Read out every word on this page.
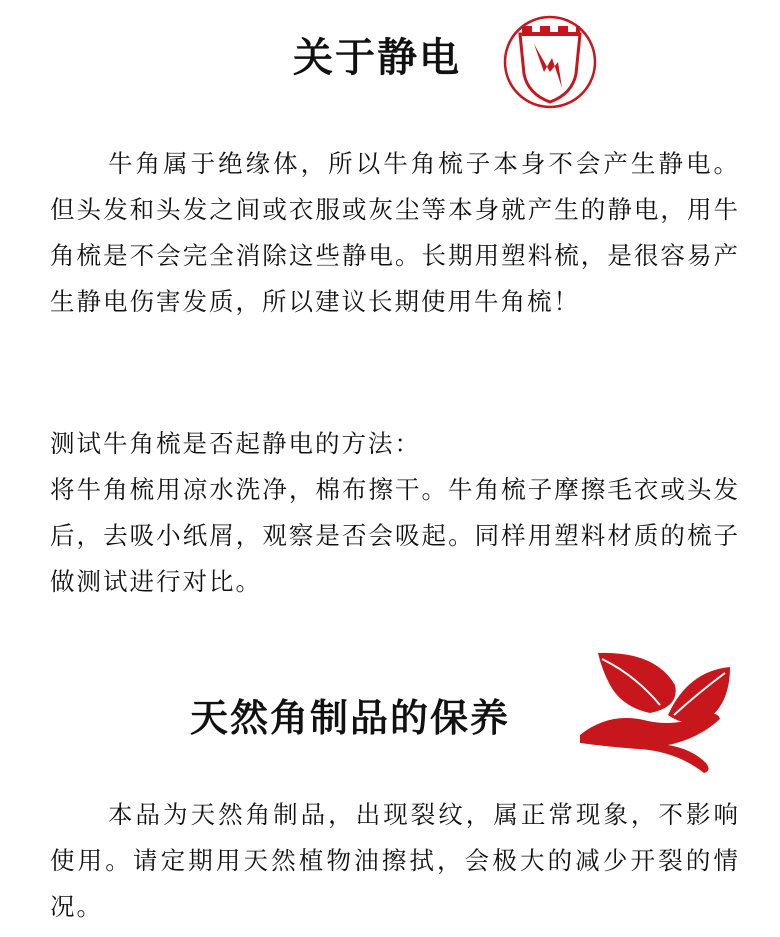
关于静电

牛角属于绝缘体，所以牛角梳子本身不会产生静电。但头发和头发之间或衣服或灰尘等本身就产生的静电，用牛角梳是不会完全消除这些静电。长期用塑料梳，是很容易产生静电伤害发质，所以建议长期使用牛角梳！

测试牛角梳是否起静电的方法：
将牛角梳用凉水洗净，棉布擦干。牛角梳子摩擦毛衣或头发后，去吸小纸屑，观察是否会吸起。同样用塑料材质的梳子做测试进行对比。
天然角制品的保养

本品为天然角制品，出现裂纹，属正常现象，不影响使用。请定期用天然植物油擦拭，会极大的减少开裂的情况。
